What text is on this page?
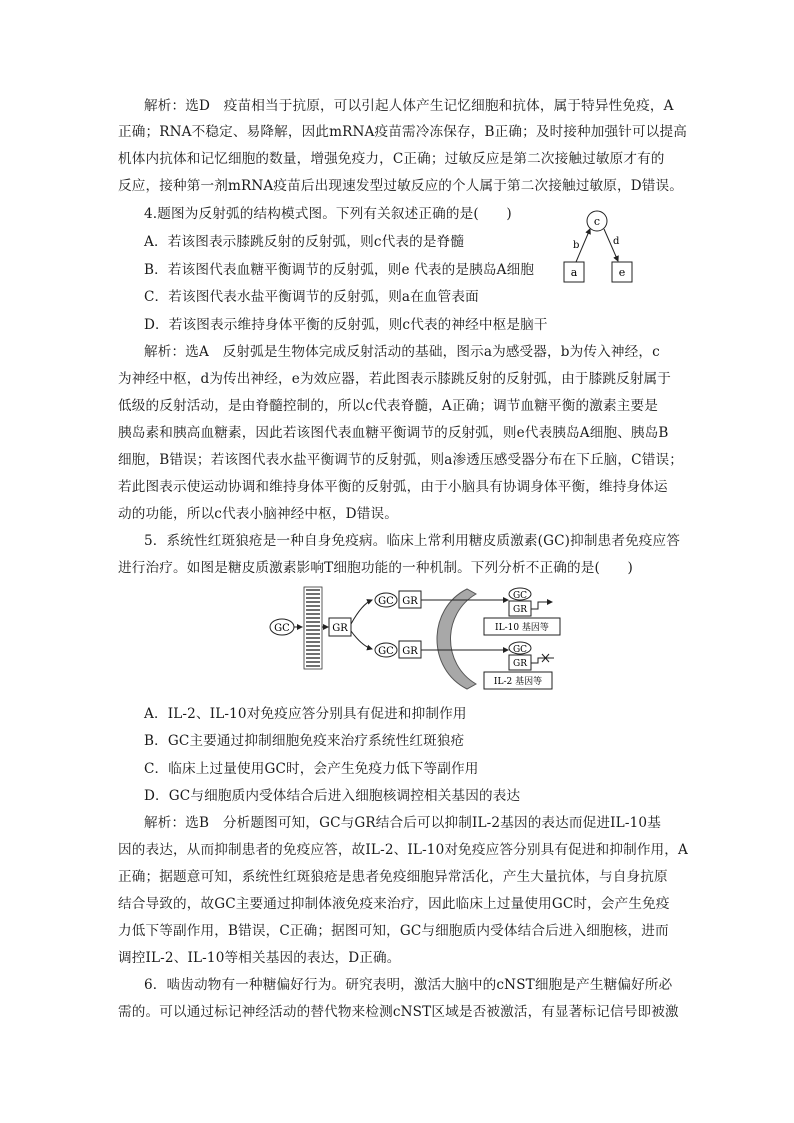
解析：选D　疫苗相当于抗原，可以引起人体产生记忆细胞和抗体，属于特异性免疫，A
正确；RNA不稳定、易降解，因此mRNA疫苗需冷冻保存，B正确；及时接种加强针可以提高
机体内抗体和记忆细胞的数量，增强免疫力，C正确；过敏反应是第二次接触过敏原才有的
反应，接种第一剂mRNA疫苗后出现速发型过敏反应的个人属于第二次接触过敏原，D错误。
4.题图为反射弧的结构模式图。下列有关叙述正确的是(　　)
A．若该图表示膝跳反射的反射弧，则c代表的是脊髓
B．若该图代表血糖平衡调节的反射弧，则e 代表的是胰岛A细胞
C．若该图代表水盐平衡调节的反射弧，则a在血管表面
D．若该图表示维持身体平衡的反射弧，则c代表的神经中枢是脑干
c
b	d
a	e
解析：选A　反射弧是生物体完成反射活动的基础，图示a为感受器，b为传入神经，c
为神经中枢，d为传出神经，e为效应器，若此图表示膝跳反射的反射弧，由于膝跳反射属于
低级的反射活动，是由脊髓控制的，所以c代表脊髓，A正确；调节血糖平衡的激素主要是
胰岛素和胰高血糖素，因此若该图代表血糖平衡调节的反射弧，则e代表胰岛A细胞、胰岛B
细胞，B错误；若该图代表水盐平衡调节的反射弧，则a渗透压感受器分布在下丘脑，C错误；
若此图表示使运动协调和维持身体平衡的反射弧，由于小脑具有协调身体平衡，维持身体运
动的功能，所以c代表小脑神经中枢，D错误。
5．系统性红斑狼疮是一种自身免疫病。临床上常利用糖皮质激素(GC)抑制患者免疫应答
进行治疗。如图是糖皮质激素影响T细胞功能的一种机制。下列分析不正确的是(　　)
GC	GR
GC GR
GC GR
GC
GR
IL-10 基因等
GC
GR
IL-2 基因等
A．IL-2、IL-10对免疫应答分别具有促进和抑制作用
B．GC主要通过抑制细胞免疫来治疗系统性红斑狼疮
C．临床上过量使用GC时，会产生免疫力低下等副作用
D．GC与细胞质内受体结合后进入细胞核调控相关基因的表达
解析：选B　分析题图可知，GC与GR结合后可以抑制IL-2基因的表达而促进IL-10基
因的表达，从而抑制患者的免疫应答，故IL-2、IL-10对免疫应答分别具有促进和抑制作用，A
正确；据题意可知，系统性红斑狼疮是患者免疫细胞异常活化，产生大量抗体，与自身抗原
结合导致的，故GC主要通过抑制体液免疫来治疗，因此临床上过量使用GC时，会产生免疫
力低下等副作用，B错误，C正确；据图可知，GC与细胞质内受体结合后进入细胞核，进而
调控IL-2、IL-10等相关基因的表达，D正确。
6．啮齿动物有一种糖偏好行为。研究表明，激活大脑中的cNST细胞是产生糖偏好所必
需的。可以通过标记神经活动的替代物来检测cNST区域是否被激活，有显著标记信号即被激
